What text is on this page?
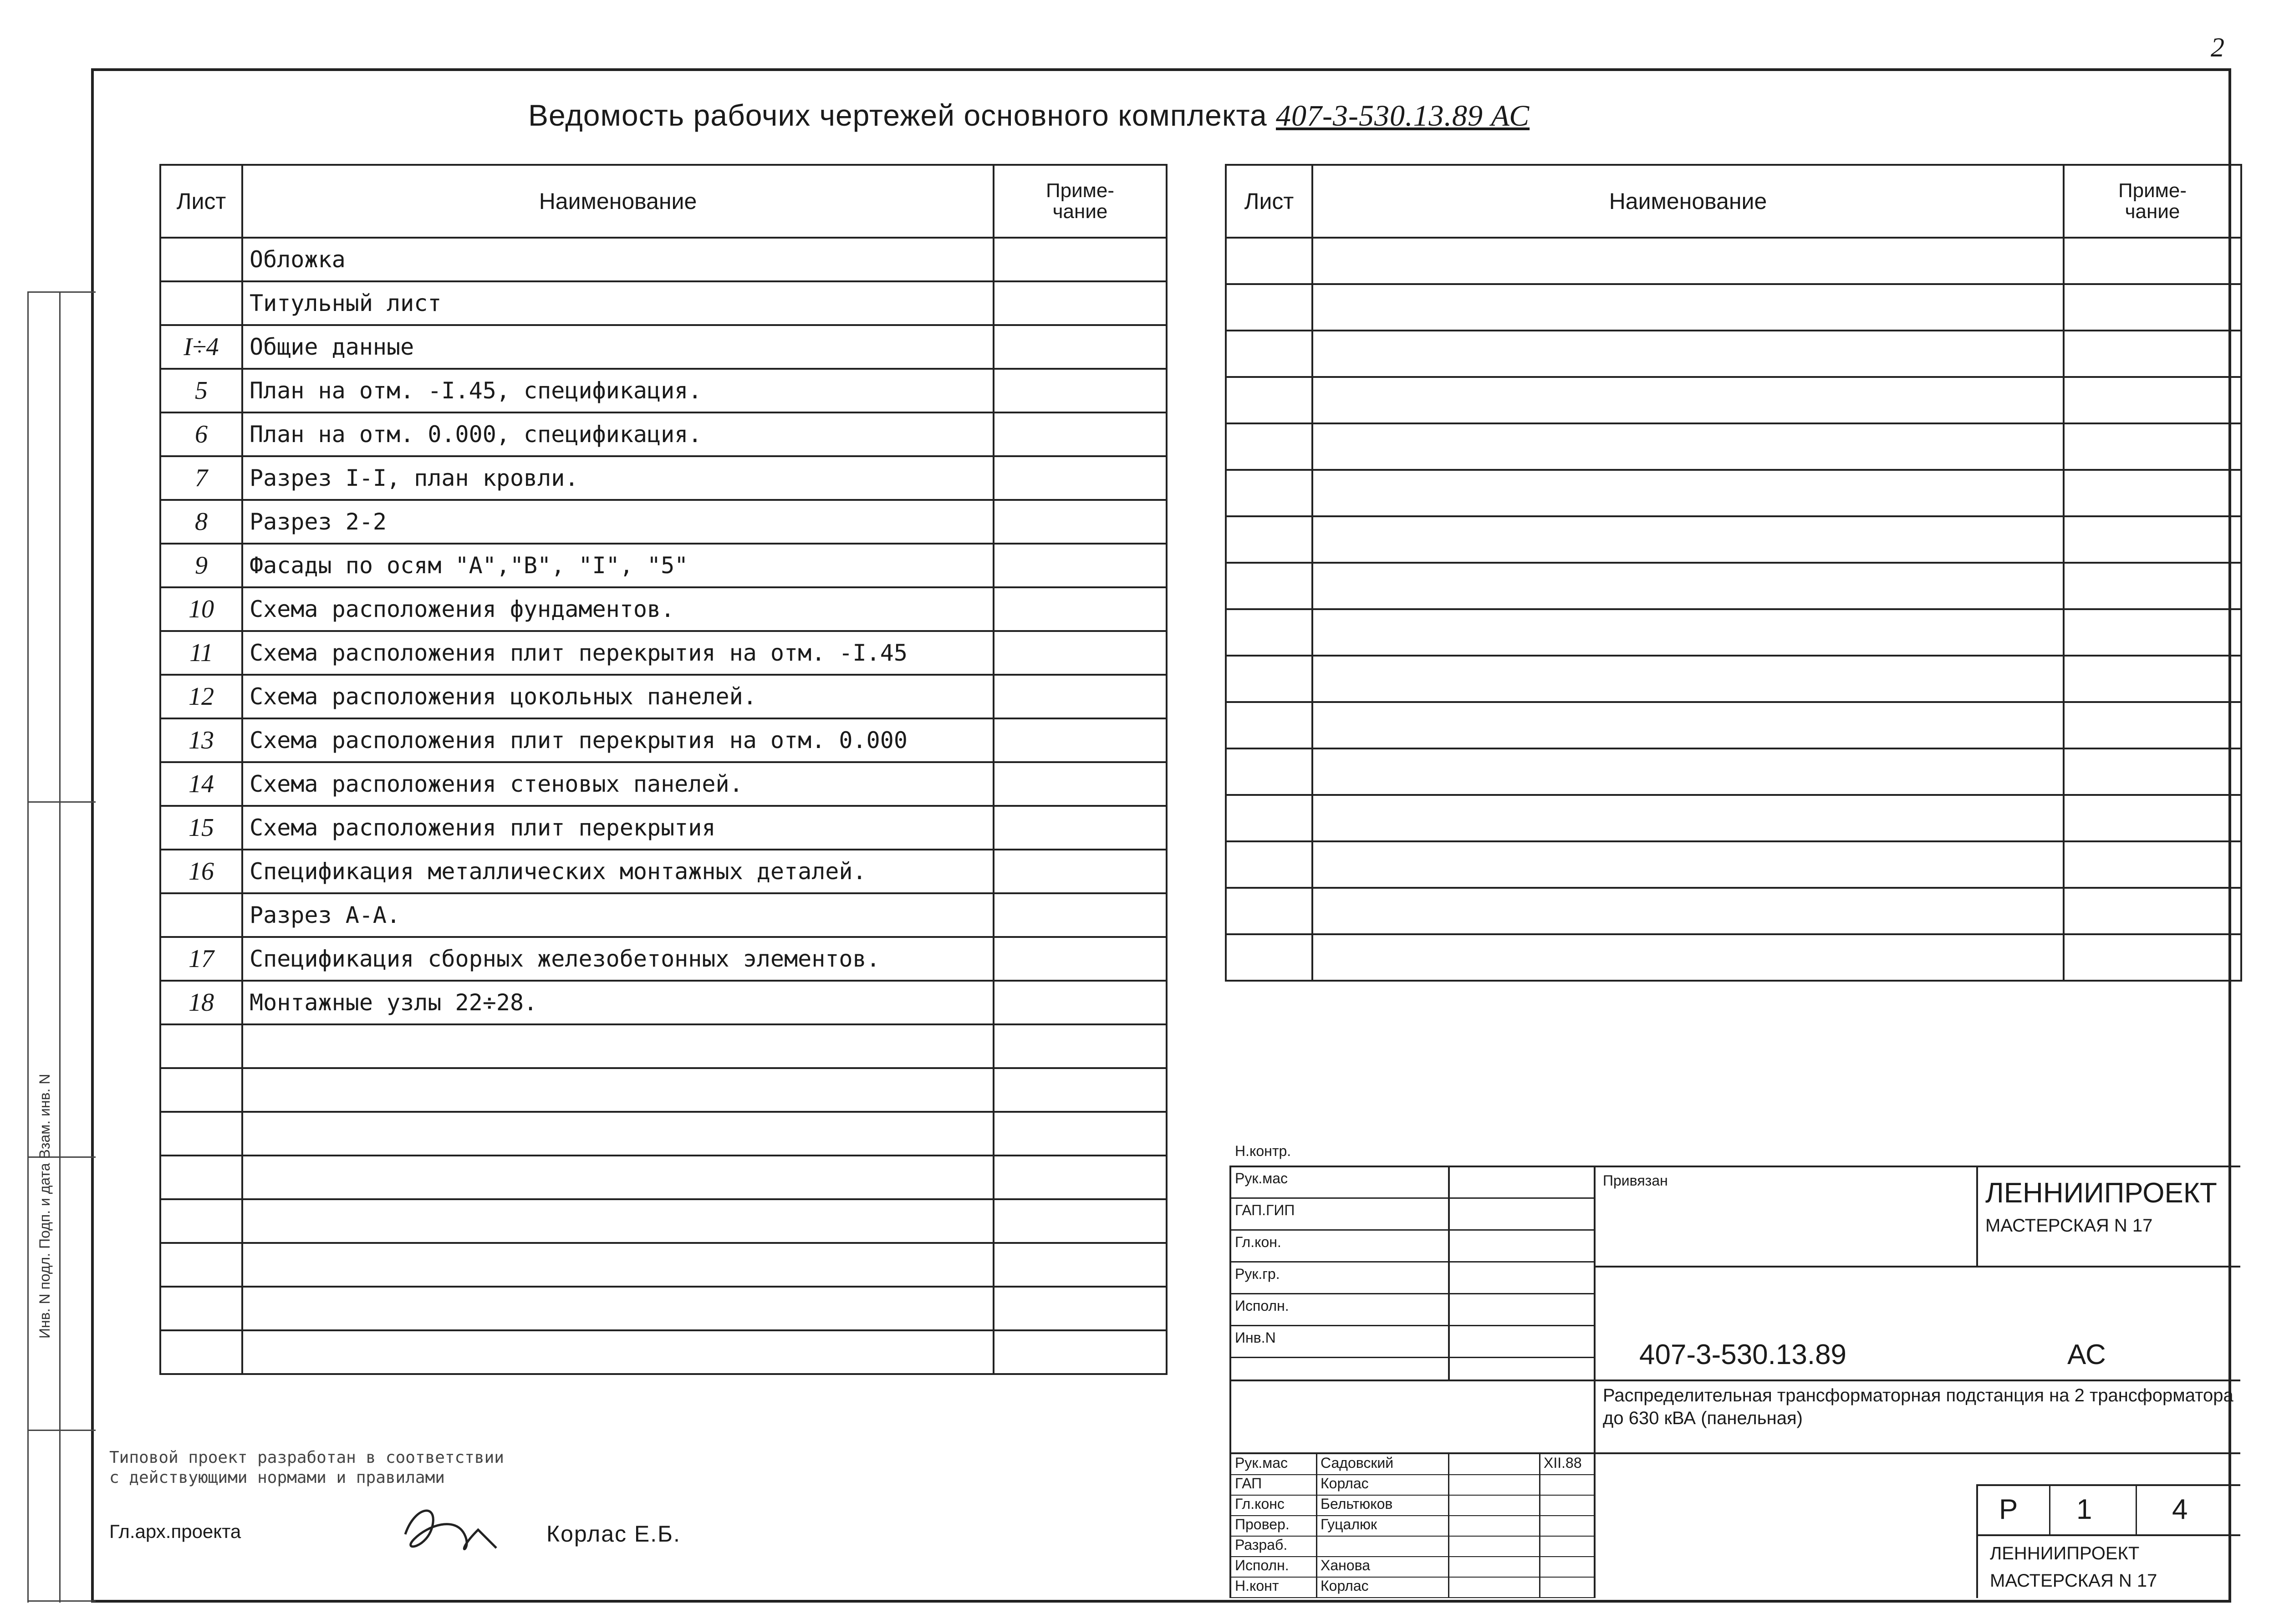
Инв. N подл. Подп. и дата Взам. инв. N
2
Ведомость рабочих чертежей основного комплекта 407-3-530.13.89 АС
Лист	Наименование	Приме-
чание
	Обложка	
	Титульный лист	
I÷4	Общие данные	
5	План на отм. -I.45, спецификация.	
6	План на отм. 0.000, спецификация.	
7	Разрез I-I, план кровли.	
8	Разрез 2-2	
9	Фасады по осям "А","В", "I", "5"	
10	Схема расположения фундаментов.	
11	Схема расположения плит перекрытия на отм. -I.45	
12	Схема расположения цокольных панелей.	
13	Схема расположения плит перекрытия на отм. 0.000	
14	Схема расположения стеновых панелей.	
15	Схема расположения плит перекрытия	
16	Спецификация металлических монтажных деталей.	
	Разрез А-А.	
17	Спецификация сборных железобетонных элементов.	
18	Монтажные узлы 22÷28.	

Лист	Наименование	Приме-
чание

Привязан	ЛЕННИИПРОЕКТ
МАСТЕРСКАЯ N 17
407-3-530.13.89	АС
Распределительная трансформаторная подстанция на 2 трансформатора до 630 кВА (панельная)
Р 1	4
ЛЕННИИПРОЕКТ
МАСТЕРСКАЯ N 17
Н.контр.
Рук.мас
ГАП.ГИП
Гл.кон.
Рук.гр.
Исполн.
Инв.N
Рук.мас Садовский	XII.88
ГАП	Корлас
Гл.конс Бельтюков
Провер. Гуцалюк
Разраб.
Исполн. Ханова
Н.конт	Корлас
Типовой проект разработан в соответствии
с действующими нормами и правилами
Гл.арх.проекта	Корлас Е.Б.
